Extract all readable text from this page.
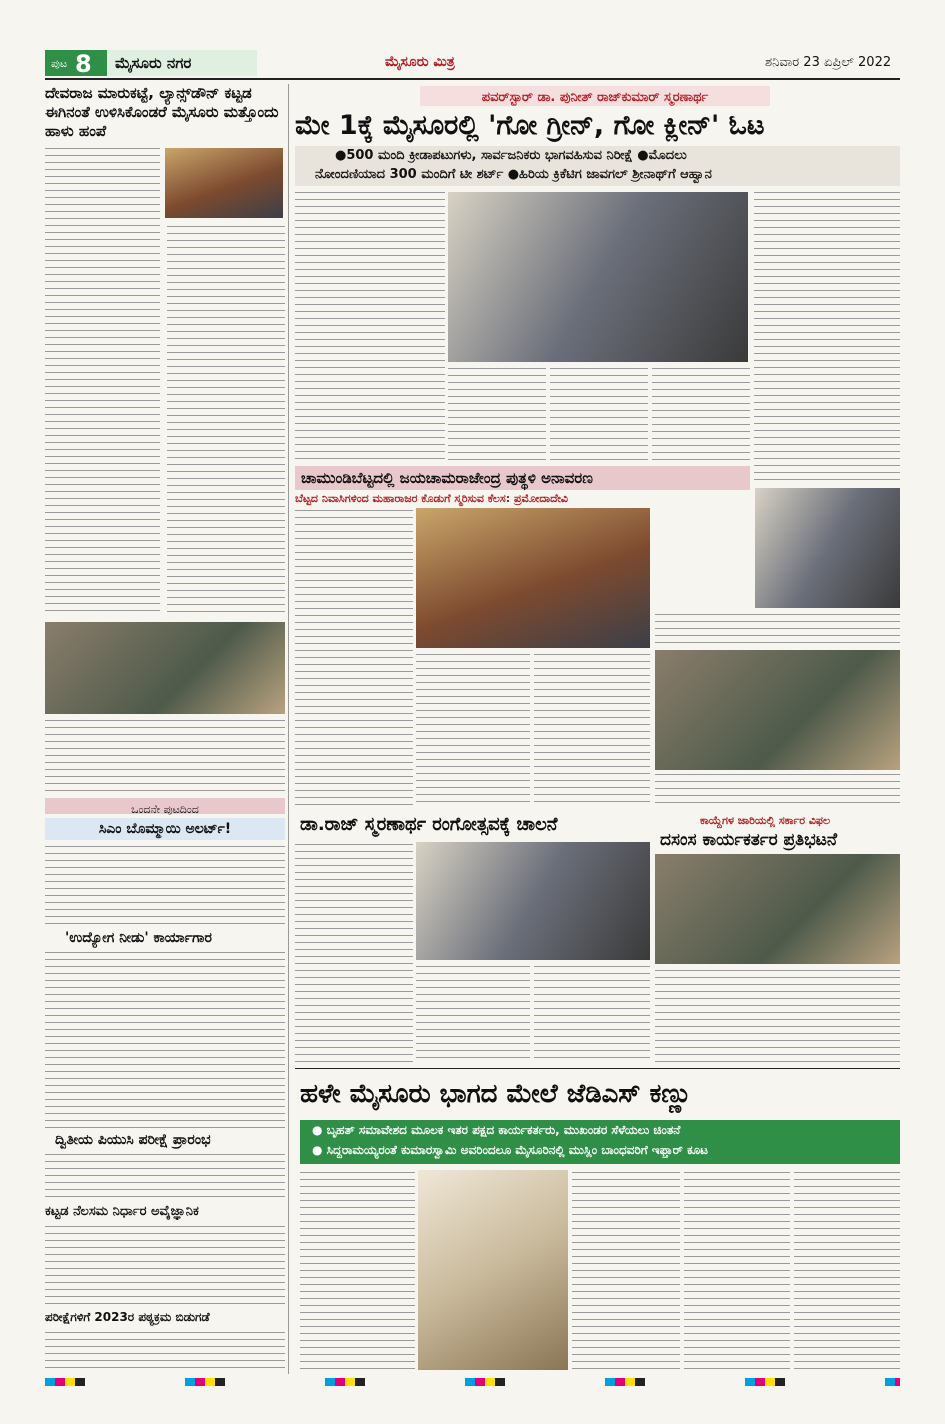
ಪುಟ 8 ಮೈಸೂರು ನಗರ	ಮೈಸೂರು ಮಿತ್ರ	ಶನಿವಾರ 23 ಏಪ್ರಿಲ್ 2022
ದೇವರಾಜ ಮಾರುಕಟ್ಟೆ, ಲ್ಯಾನ್ಸ್‌ಡೌನ್ ಕಟ್ಟಡ ಈಗಿನಂತೆ ಉಳಿಸಿಕೊಂಡರೆ ಮೈಸೂರು ಮತ್ತೊಂದು ಹಾಳು ಹಂಪೆ
ಒಂದನೇ ಪುಟದಿಂದ
ಸಿಎಂ ಬೊಮ್ಮಾಯಿ ಅಲರ್ಟ್!
'ಉದ್ಯೋಗ ನೀಡು' ಕಾರ್ಯಾಗಾರ
ದ್ವಿತೀಯ ಪಿಯುಸಿ ಪರೀಕ್ಷೆ ಪ್ರಾರಂಭ
ಕಟ್ಟಡ ನೆಲಸಮ ನಿರ್ಧಾರ ಅವೈಜ್ಞಾನಿಕ
ಪರೀಕ್ಷೆಗಳಿಗೆ 2023ರ ಪಠ್ಯಕ್ರಮ ಬಿಡುಗಡೆ
ಪವರ್‌ಸ್ಟಾರ್ ಡಾ. ಪುನೀತ್ ರಾಜ್‌ಕುಮಾರ್ ಸ್ಮರಣಾರ್ಥ
ಮೇ 1ಕ್ಕೆ ಮೈಸೂರಲ್ಲಿ 'ಗೋ ಗ್ರೀನ್, ಗೋ ಕ್ಲೀನ್' ಓಟ
●500 ಮಂದಿ ಕ್ರೀಡಾಪಟುಗಳು, ಸಾರ್ವಜನಿಕರು ಭಾಗವಹಿಸುವ ನಿರೀಕ್ಷೆ ●ಮೊದಲು
ನೋಂದಣಿಯಾದ 300 ಮಂದಿಗೆ ಟೀ ಶರ್ಟ್ ●ಹಿರಿಯ ಕ್ರಿಕೆಟಿಗ ಜಾವಗಲ್ ಶ್ರೀನಾಥ್‌ಗೆ ಆಹ್ವಾನ
ಚಾಮುಂಡಿಬೆಟ್ಟದಲ್ಲಿ ಜಯಚಾಮರಾಜೇಂದ್ರ ಪುತ್ಥಳಿ ಅನಾವರಣ
ಬೆಟ್ಟದ ನಿವಾಸಿಗಳಿಂದ ಮಹಾರಾಜರ ಕೊಡುಗೆ ಸ್ಮರಿಸುವ ಕೆಲಸ: ಪ್ರಮೋದಾದೇವಿ
ಡಾ.ರಾಜ್ ಸ್ಮರಣಾರ್ಥ ರಂಗೋತ್ಸವಕ್ಕೆ ಚಾಲನೆ	ಕಾಯ್ದೆಗಳ ಜಾರಿಯಲ್ಲಿ ಸರ್ಕಾರ ವಿಫಲ
ದಸಂಸ ಕಾರ್ಯಕರ್ತರ ಪ್ರತಿಭಟನೆ
ಹಳೇ ಮೈಸೂರು ಭಾಗದ ಮೇಲೆ ಜೆಡಿಎಸ್ ಕಣ್ಣು
● ಬೃಹತ್ ಸಮಾವೇಶದ ಮೂಲಕ ಇತರ ಪಕ್ಷದ ಕಾರ್ಯಕರ್ತರು, ಮುಖಂಡರ ಸೆಳೆಯಲು ಚಿಂತನೆ
● ಸಿದ್ದರಾಮಯ್ಯರಂತೆ ಕುಮಾರಸ್ವಾಮಿ ಅವರಿಂದಲೂ ಮೈಸೂರಿನಲ್ಲಿ ಮುಸ್ಲಿಂ ಬಾಂಧವರಿಗೆ ಇಫ್ತಾರ್ ಕೂಟ
